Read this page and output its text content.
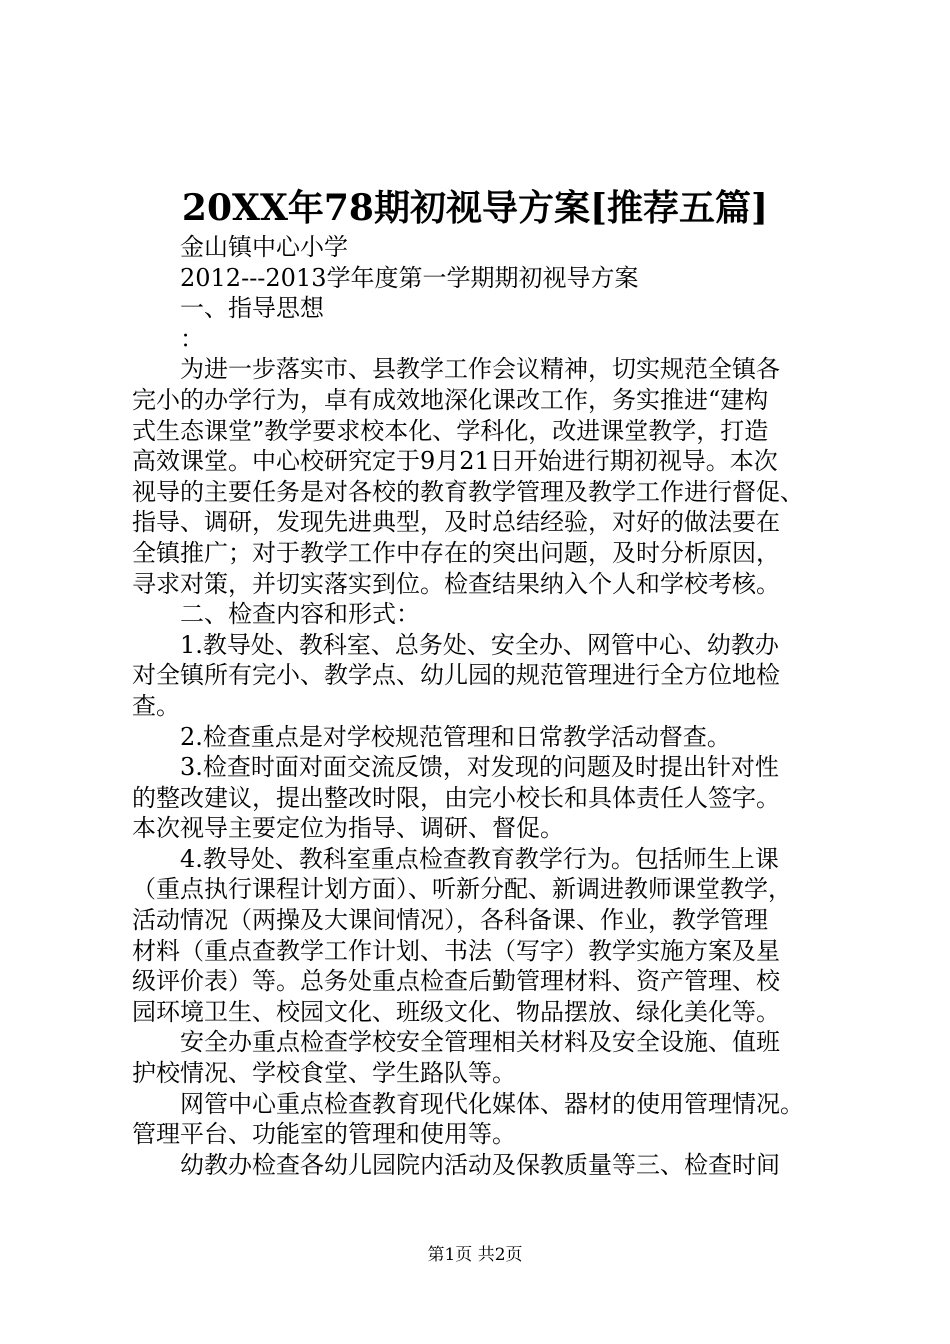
20XX年78期初视导方案[推荐五篇]
金山镇中心小学
2012---2013学年度第一学期期初视导方案
一、指导思想
：
为进一步落实市、县教学工作会议精神，切实规范全镇各
完小的办学行为，卓有成效地深化课改工作，务实推进“建构
式生态课堂”教学要求校本化、学科化，改进课堂教学，打造
高效课堂。中心校研究定于9月21日开始进行期初视导。本次
视导的主要任务是对各校的教育教学管理及教学工作进行督促、
指导、调研，发现先进典型，及时总结经验，对好的做法要在
全镇推广；对于教学工作中存在的突出问题，及时分析原因，
寻求对策，并切实落实到位。检查结果纳入个人和学校考核。
二、检查内容和形式：
1.教导处、教科室、总务处、安全办、网管中心、幼教办
对全镇所有完小、教学点、幼儿园的规范管理进行全方位地检
查。
2.检查重点是对学校规范管理和日常教学活动督查。
3.检查时面对面交流反馈，对发现的问题及时提出针对性
的整改建议，提出整改时限，由完小校长和具体责任人签字。
本次视导主要定位为指导、调研、督促。
4.教导处、教科室重点检查教育教学行为。包括师生上课
（重点执行课程计划方面）、听新分配、新调进教师课堂教学，
活动情况（两操及大课间情况），各科备课、作业，教学管理
材料（重点查教学工作计划、书法（写字）教学实施方案及星
级评价表）等。总务处重点检查后勤管理材料、资产管理、校
园环境卫生、校园文化、班级文化、物品摆放、绿化美化等。
安全办重点检查学校安全管理相关材料及安全设施、值班
护校情况、学校食堂、学生路队等。
网管中心重点检查教育现代化媒体、器材的使用管理情况。
管理平台、功能室的管理和使用等。
幼教办检查各幼儿园院内活动及保教质量等三、检查时间
第1页 共2页
